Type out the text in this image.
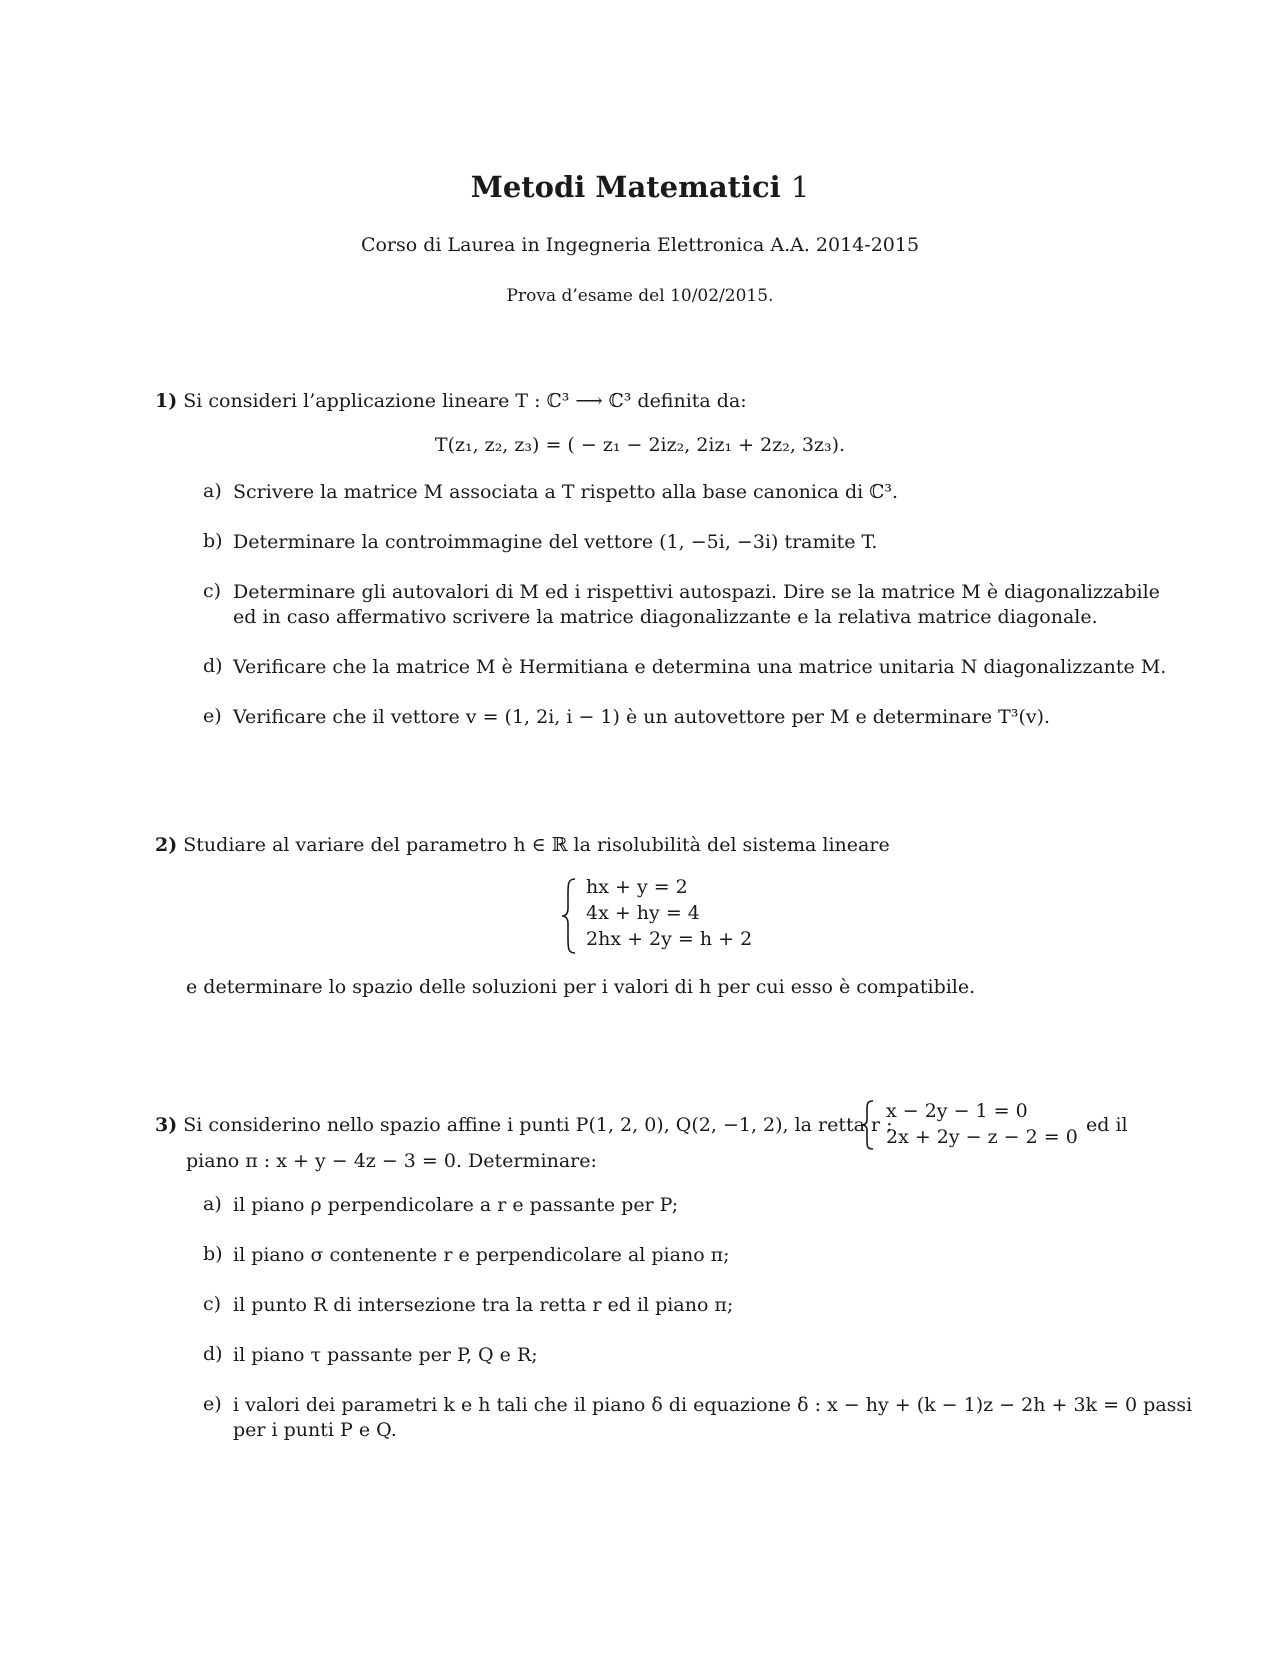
Metodi Matematici 1
Corso di Laurea in Ingegneria Elettronica A.A. 2014-2015
Prova d’esame del 10/02/2015.
1) Si consideri l’applicazione lineare T : ℂ³ ⟶ ℂ³ definita da:
T(z₁, z₂, z₃) = ( − z₁ − 2iz₂, 2iz₁ + 2z₂, 3z₃).
a) Scrivere la matrice M associata a T rispetto alla base canonica di ℂ³.
b) Determinare la controimmagine del vettore (1, −5i, −3i) tramite T.
c) Determinare gli autovalori di M ed i rispettivi autospazi. Dire se la matrice M è diagonalizzabile
ed in caso affermativo scrivere la matrice diagonalizzante e la relativa matrice diagonale.
d) Verificare che la matrice M è Hermitiana e determina una matrice unitaria N diagonalizzante M.
e) Verificare che il vettore v = (1, 2i, i − 1) è un autovettore per M e determinare T³(v).
2) Studiare al variare del parametro h ∈ ℝ la risolubilità del sistema lineare
hx + y = 2
4x + hy = 4
2hx + 2y = h + 2
e determinare lo spazio delle soluzioni per i valori di h per cui esso è compatibile.
3) Si considerino nello spazio affine i punti P(1, 2, 0), Q(2, −1, 2), la retta r :
x − 2y − 1 = 0
2x + 2y − z − 2 = 0
ed il
piano π : x + y − 4z − 3 = 0. Determinare:
a) il piano ρ perpendicolare a r e passante per P;
b) il piano σ contenente r e perpendicolare al piano π;
c) il punto R di intersezione tra la retta r ed il piano π;
d) il piano τ passante per P, Q e R;
e) i valori dei parametri k e h tali che il piano δ di equazione δ : x − hy + (k − 1)z − 2h + 3k = 0 passi
per i punti P e Q.
